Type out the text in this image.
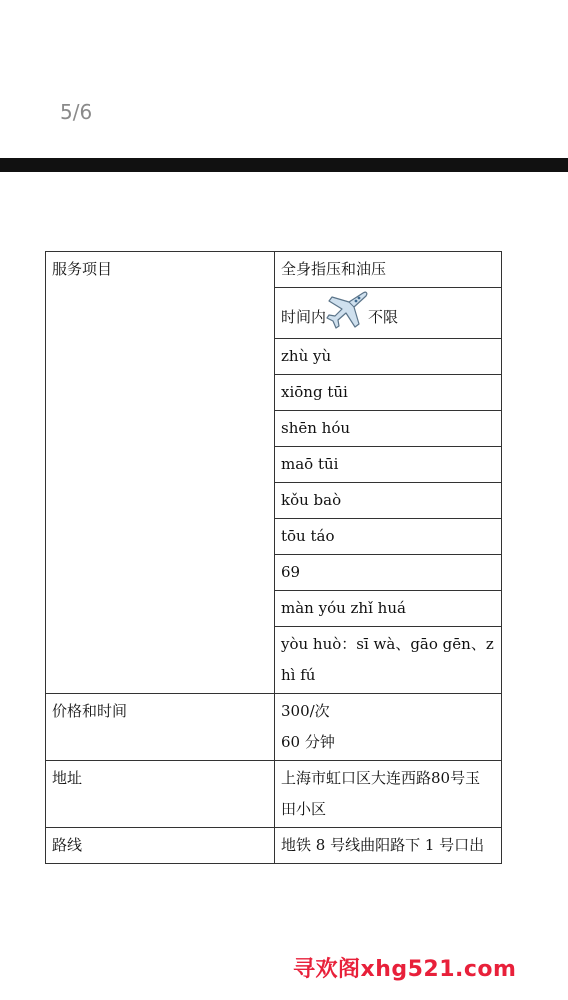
5/6
服务项目	全身指压和油压
	时间内 不限
	zhù yù
	xiōng tūi
	shēn hóu
	maō tūi
	kǒu baò
	tōu táo
	69
	màn yóu zhǐ huá
	yòu huò：sī wà、gāo gēn、zhì fú
价格和时间	300/次
60 分钟

地址	上海市虹口区大连西路80号玉田小区
路线	地铁 8 号线曲阳路下 1 号口出
寻欢阁xhg521.com
